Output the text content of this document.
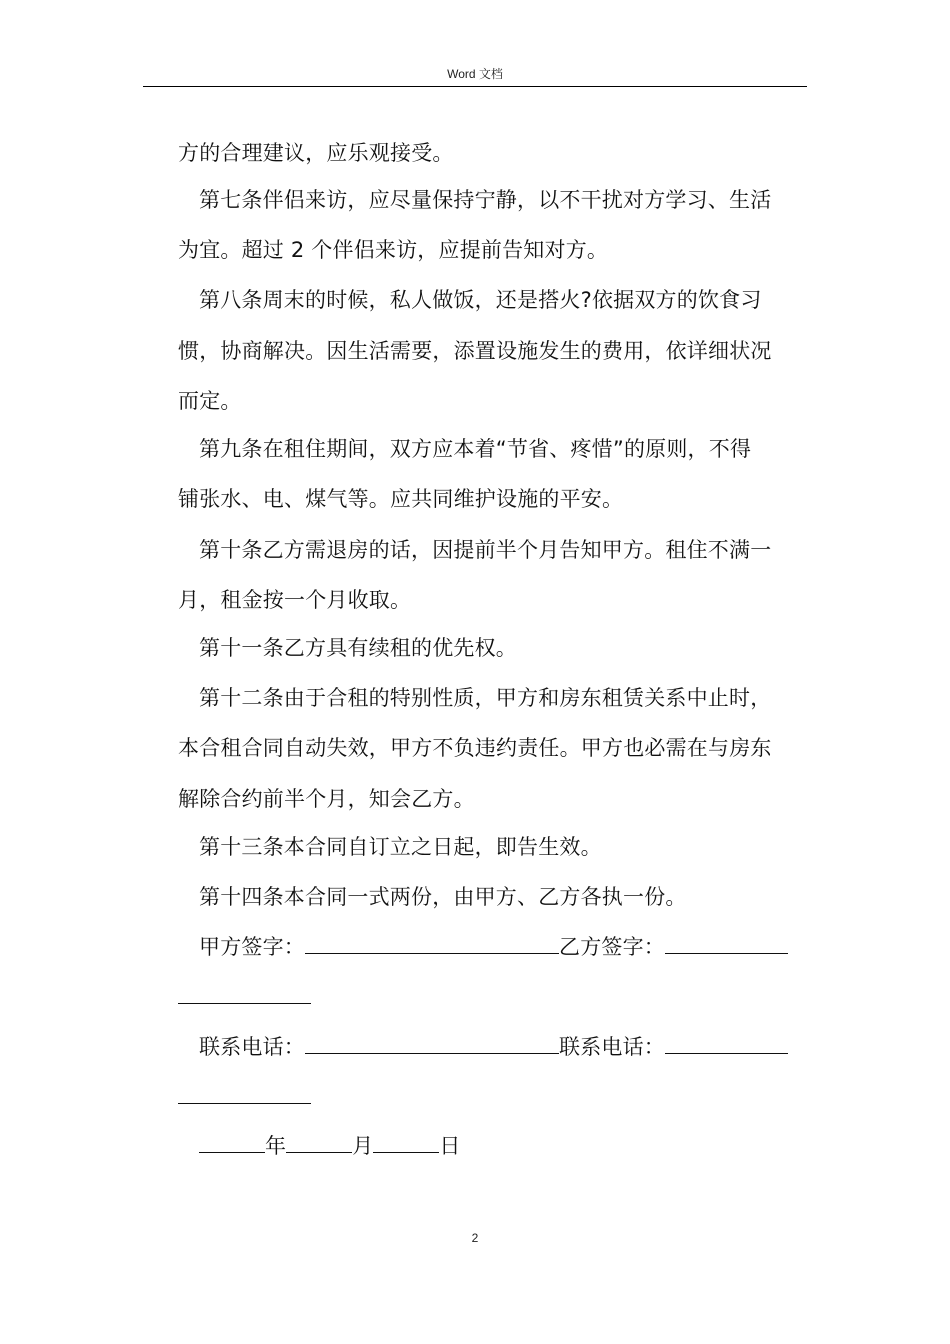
Word 文档
方的合理建议，应乐观接受。
第七条伴侣来访，应尽量保持宁静，以不干扰对方学习、生活
为宜。超过 2 个伴侣来访，应提前告知对方。
第八条周末的时候，私人做饭，还是搭火?依据双方的饮食习
惯，协商解决。因生活需要，添置设施发生的费用，依详细状况
而定。
第九条在租住期间，双方应本着“节省、疼惜”的原则，不得
铺张水、电、煤气等。应共同维护设施的平安。
第十条乙方需退房的话，因提前半个月告知甲方。租住不满一
月，租金按一个月收取。
第十一条乙方具有续租的优先权。
第十二条由于合租的特别性质，甲方和房东租赁关系中止时，
本合租合同自动失效，甲方不负违约责任。甲方也必需在与房东
解除合约前半个月，知会乙方。
第十三条本合同自订立之日起，即告生效。
第十四条本合同一式两份，由甲方、乙方各执一份。
甲方签字：	乙方签字：
联系电话：	联系电话：
年	月	日
2
